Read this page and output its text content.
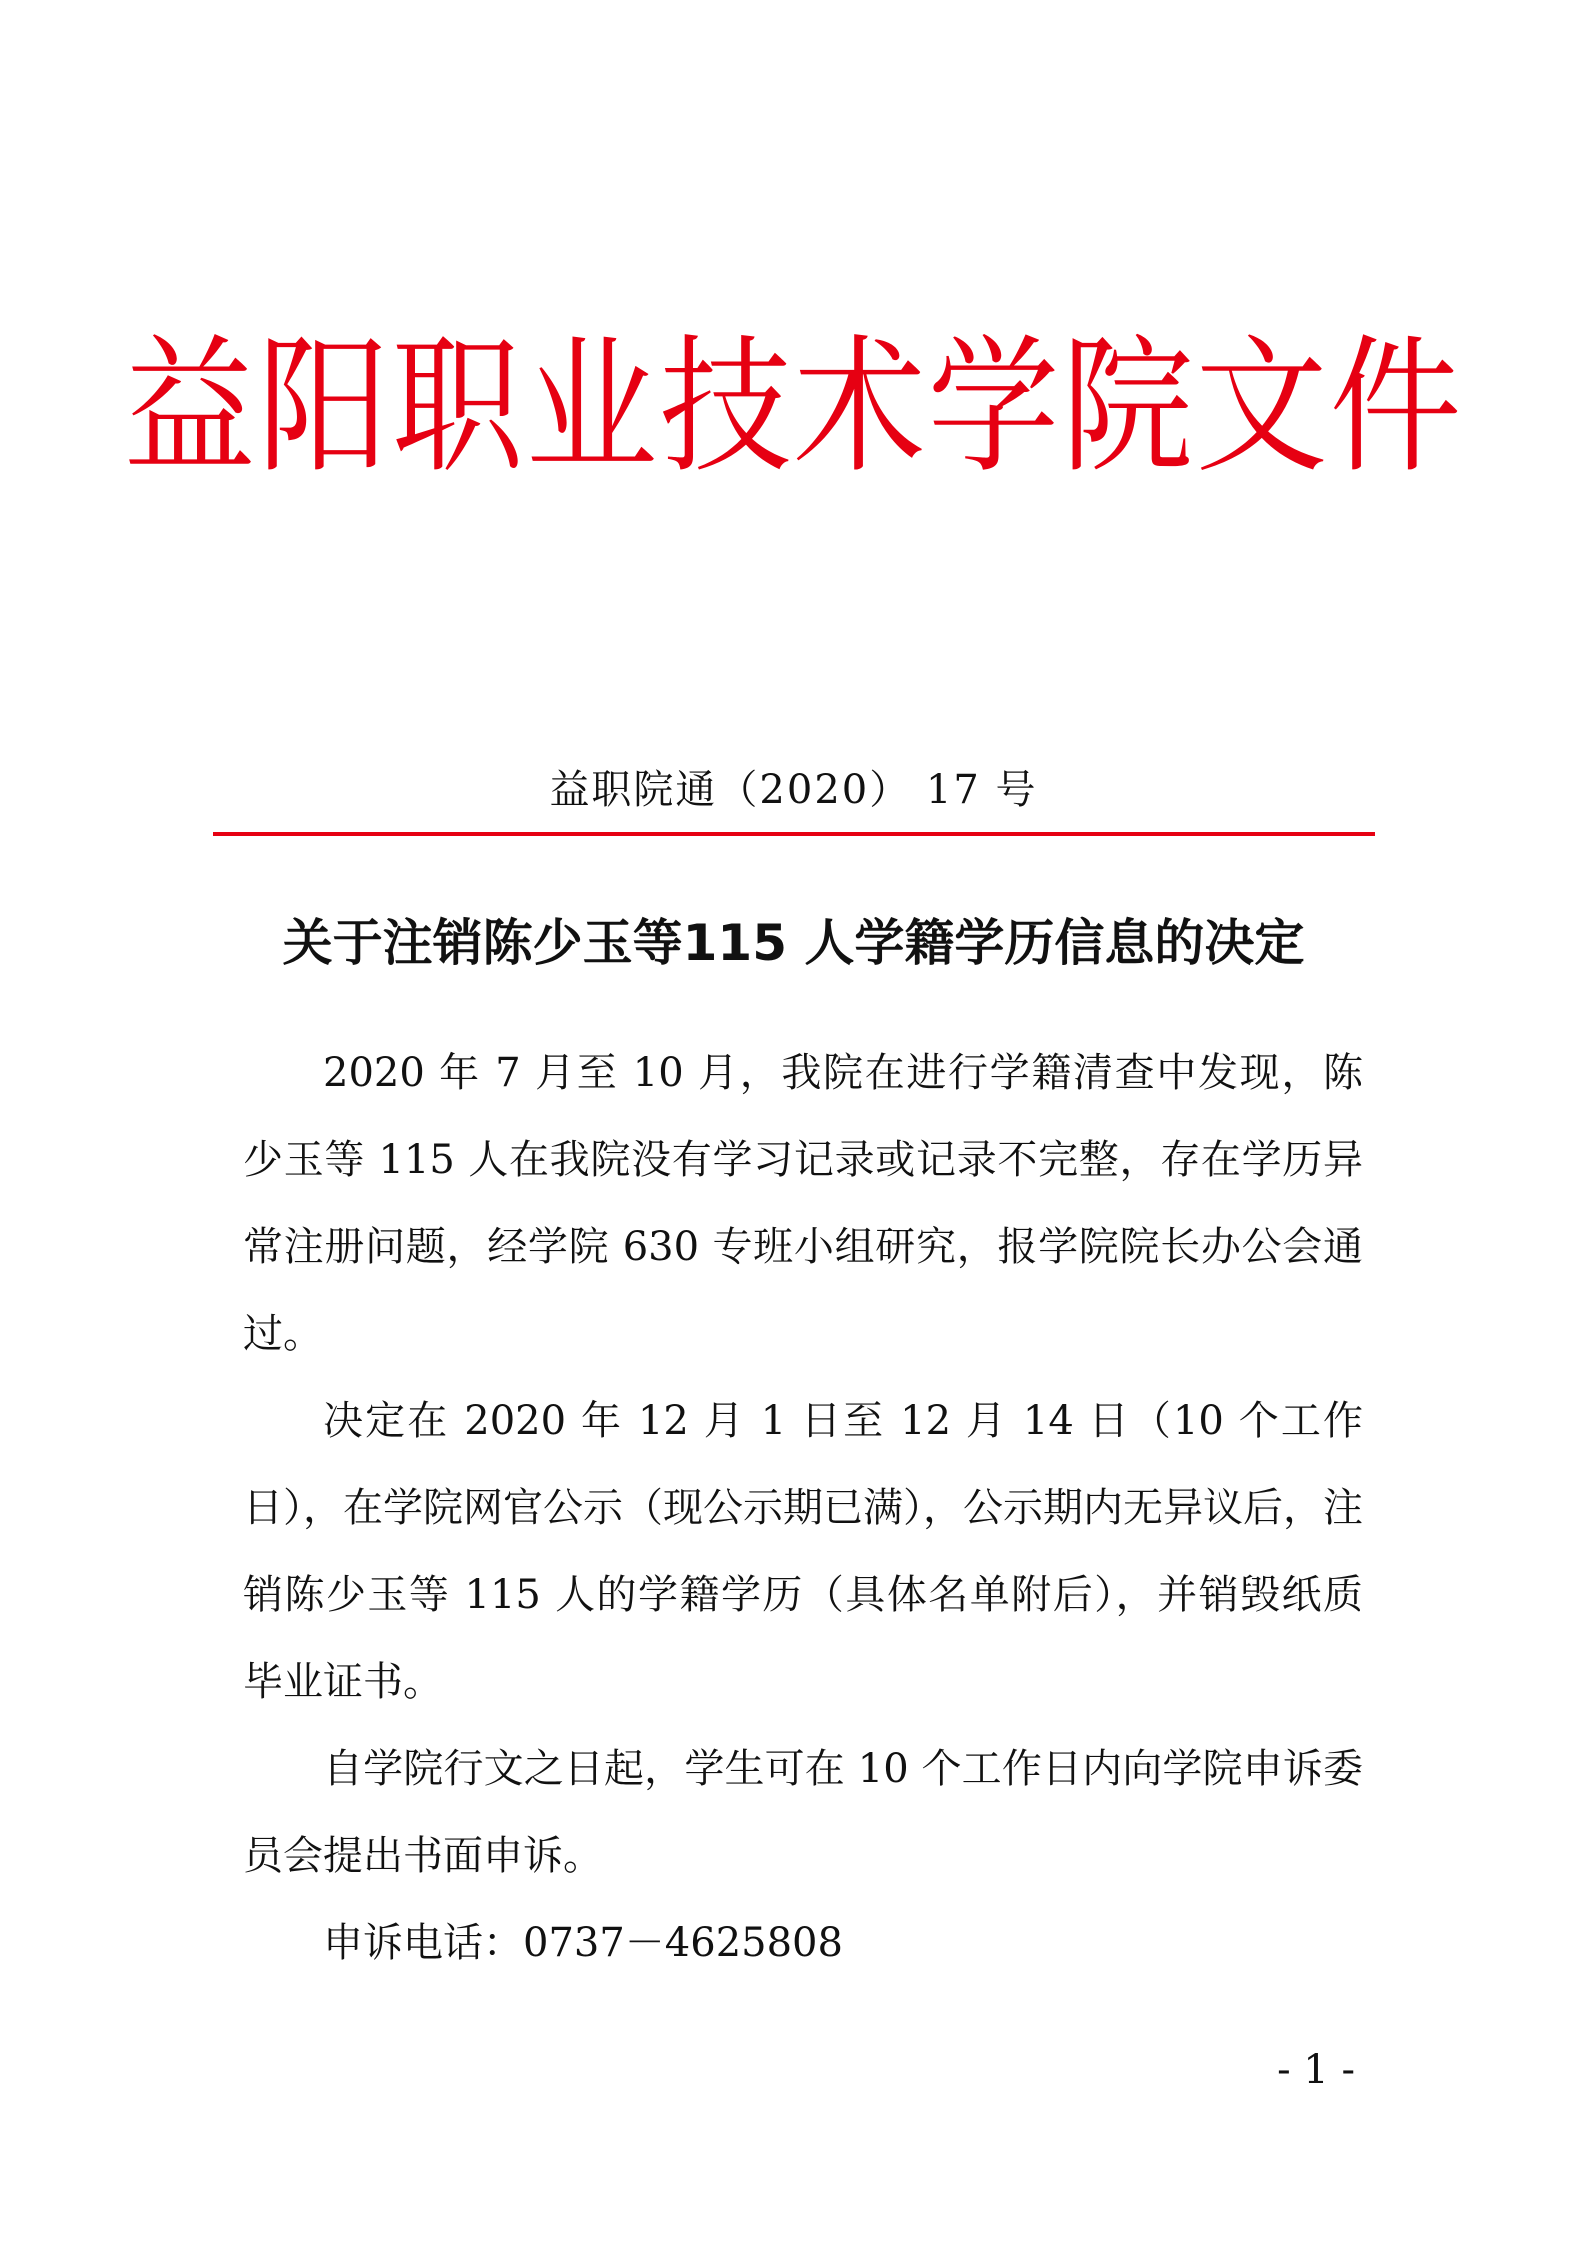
益阳职业技术学院文件
益职院通（2020） 17 号
关于注销陈少玉等115 人学籍学历信息的决定

2020 年 7 月至 10 月，我院在进行学籍清查中发现，陈少玉等 115 人在我院没有学习记录或记录不完整，存在学历异常注册问题，经学院 630 专班小组研究，报学院院长办公会通过。

决定在 2020 年 12 月 1 日至 12 月 14 日（10 个工作日），在学院网官公示（现公示期已满），公示期内无异议后，注销陈少玉等 115 人的学籍学历（具体名单附后），并销毁纸质毕业证书。

自学院行文之日起，学生可在 10 个工作日内向学院申诉委员会提出书面申诉。

申诉电话：0737－4625808

- 1 -
